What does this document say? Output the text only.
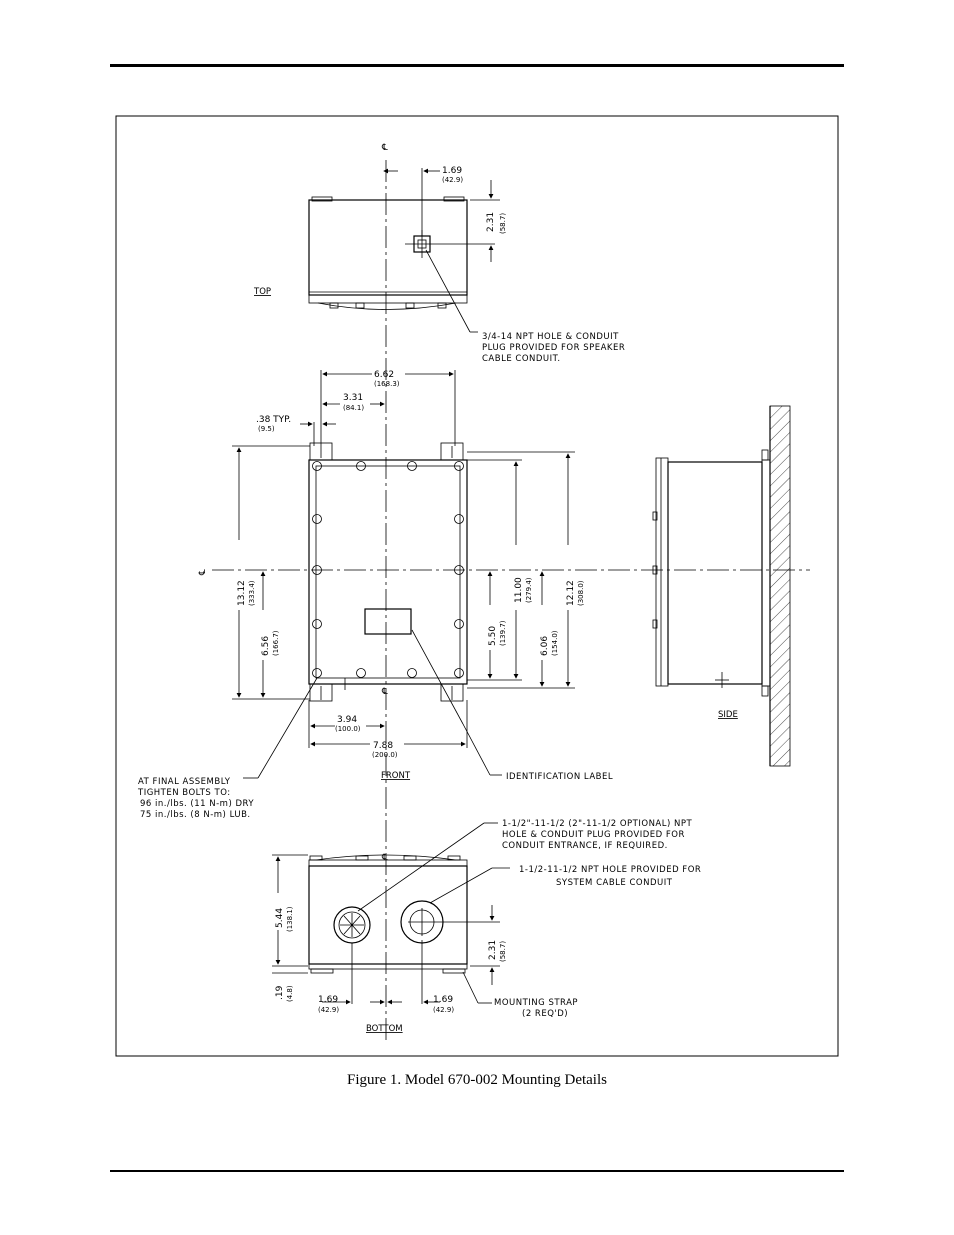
℄
1.69
(42.9)
2.31 (58.7)
TOP
3/4-14 NPT HOLE & CONDUIT
PLUG PROVIDED FOR SPEAKER
CABLE CONDUIT.
℄
℄
6.62
(168.3)
3.31
(84.1)
.38 TYP.
(9.5)
13.12 (333.4)
6.56 (166.7)	5.50 (139.7)
11.00 (279.4)
6.06 (154.0)
12.12 (308.0)
3.94
(100.0)
7.88
(200.0)
FRONT	IDENTIFICATION LABEL
AT FINAL ASSEMBLY
TIGHTEN BOLTS TO:
96 in./lbs. (11 N-m) DRY
75 in./lbs. (8 N-m) LUB.
SIDE
℄
1-1/2"-11-1/2 (2"-11-1/2 OPTIONAL) NPT
HOLE & CONDUIT PLUG PROVIDED FOR
CONDUIT ENTRANCE, IF REQUIRED.
1-1/2-11-1/2 NPT HOLE PROVIDED FOR
SYSTEM CABLE CONDUIT
5.44 (138.1)
.19 (4.8)
2.31 (58.7)
1.69
(42.9)
1.69
(42.9)
MOUNTING STRAP
(2 REQ'D)
BOTTOM
Figure 1. Model 670-002 Mounting Details
